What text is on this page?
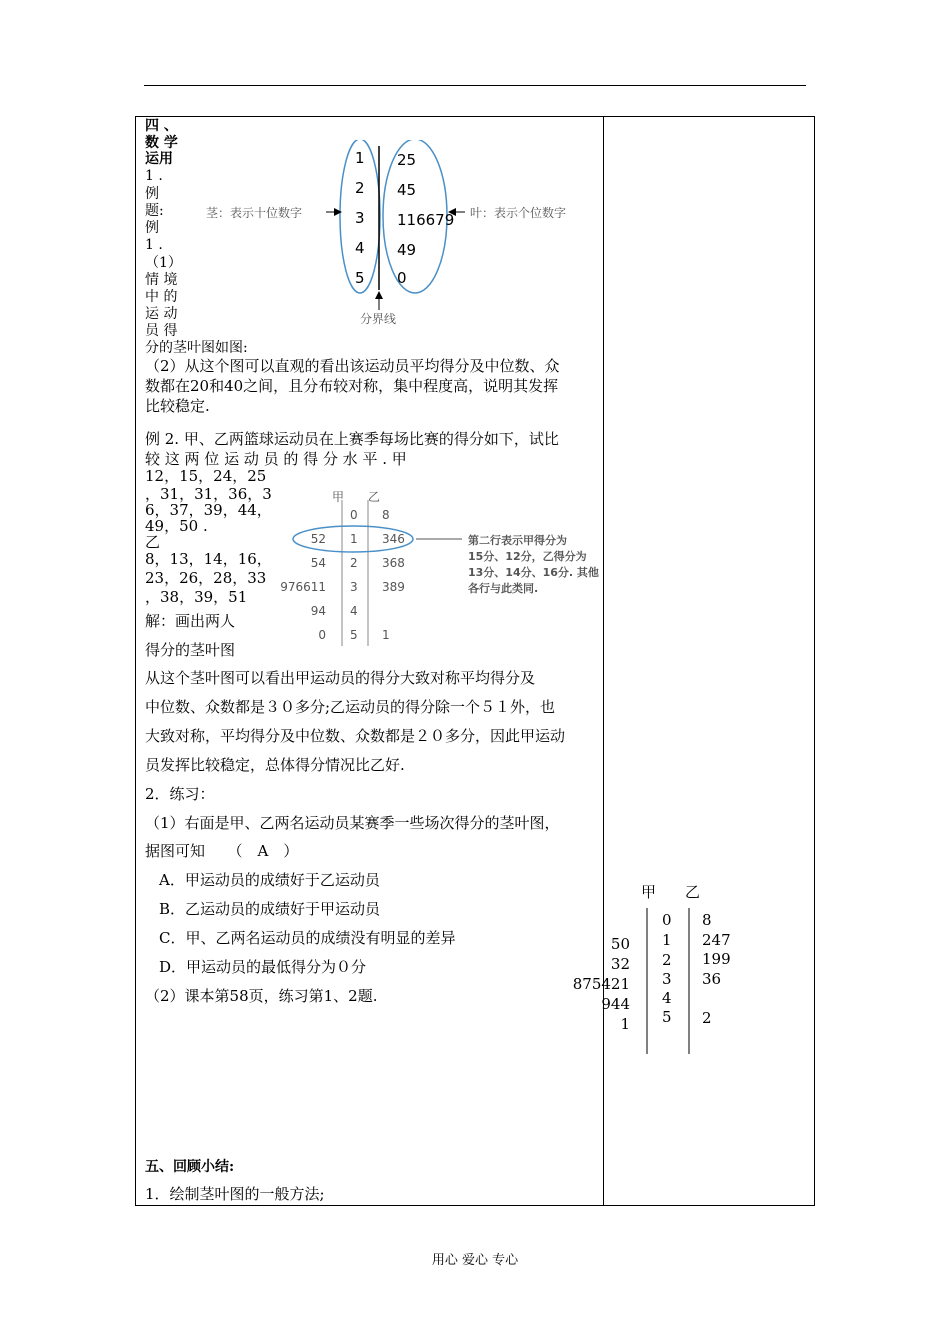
四 、
数 学
运用
1 .
例
题:
例
1 .
（1）
情 境
中 的
运 动
员 得
分的茎叶图如图:
1
2
3
4
5
25
45
116679
49
0
茎：表示十位数字	叶：表示个位数字
分界线
（2）从这个图可以直观的看出该运动员平均得分及中位数、众
数都在20和40之间，且分布较对称，集中程度高，说明其发挥
比较稳定.
例 2. 甲、乙两篮球运动员在上赛季每场比赛的得分如下，试比
较 这 两 位 运 动 员 的 得 分 水 平 . 甲
12，15，24，25
，31，31，36，3
6，37，39，44，
49，50 .
乙
8，13，14，16，
23，26，28，33
，38，39，51
解：画出两人
得分的茎叶图
甲 乙
52
54
976611
94
0
0
1
2
3
4
5
8
346
368
389
1
第二行表示甲得分为
15分、12分，乙得分为
13分、14分、16分. 其他
各行与此类同.
从这个茎叶图可以看出甲运动员的得分大致对称平均得分及
中位数、众数都是３０多分;乙运动员的得分除一个５１外，也
大致对称，平均得分及中位数、众数都是２０多分，因此甲运动
员发挥比较稳定，总体得分情况比乙好.
2．练习：
（1）右面是甲、乙两名运动员某赛季一些场次得分的茎叶图，
据图可知　　（　A　）
A．甲运动员的成绩好于乙运动员
B．乙运动员的成绩好于甲运动员
C．甲、乙两名运动员的成绩没有明显的差异
D．甲运动员的最低得分为０分
（2）课本第58页，练习第1、2题.
甲 乙
50
32
875421
944
1
0
1
2
3
4
5
8
247
199
36
2
五、回顾小结:
1．绘制茎叶图的一般方法;
用心 爱心 专心
